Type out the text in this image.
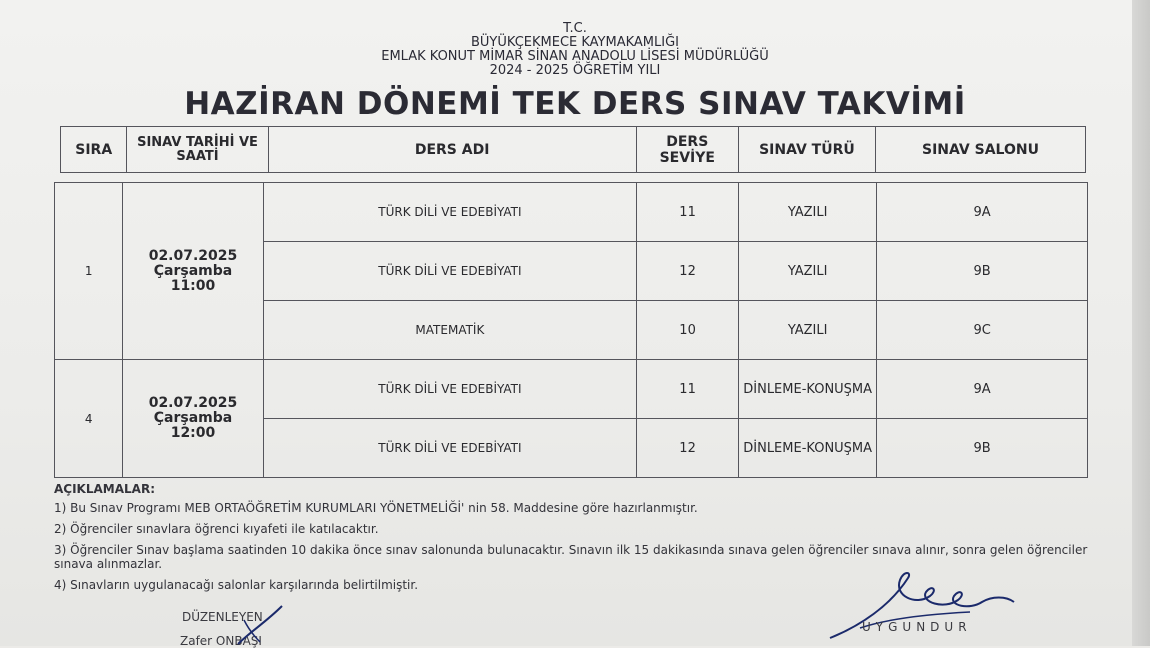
T.C.
BÜYÜKÇEKMECE KAYMAKAMLIĞI
EMLAK KONUT MİMAR SİNAN ANADOLU LİSESİ MÜDÜRLÜĞÜ
2024 - 2025 ÖĞRETİM YILI
HAZİRAN DÖNEMİ TEK DERS SINAV TAKVİMİ
SIRA	SINAV TARİHİ VE SAATİ	DERS ADI	DERS SEVİYE	SINAV TÜRÜ	SINAV SALONU
1	02.07.2025
Çarşamba
11:00	TÜRK DİLİ VE EDEBİYATI	11	YAZILI	9A
		TÜRK DİLİ VE EDEBİYATI	12	YAZILI	9B
		MATEMATİK	10	YAZILI	9C
4	02.07.2025
Çarşamba
12:00	TÜRK DİLİ VE EDEBİYATI	11	DİNLEME-KONUŞMA	9A
		TÜRK DİLİ VE EDEBİYATI	12	DİNLEME-KONUŞMA	9B
AÇIKLAMALAR:
1) Bu Sınav Programı MEB ORTAÖĞRETİM KURUMLARI YÖNETMELİĞİ' nin 58. Maddesine göre hazırlanmıştır.
2) Öğrenciler sınavlara öğrenci kıyafeti ile katılacaktır.
3) Öğrenciler Sınav başlama saatinden 10 dakika önce sınav salonunda bulunacaktır. Sınavın ilk 15 dakikasında sınava gelen öğrenciler sınava alınır, sonra gelen öğrenciler sınava alınmazlar.
4) Sınavların uygulanacağı salonlar karşılarında belirtilmiştir.
DÜZENLEYEN
Zafer ONBAŞI
UYGUNDUR
